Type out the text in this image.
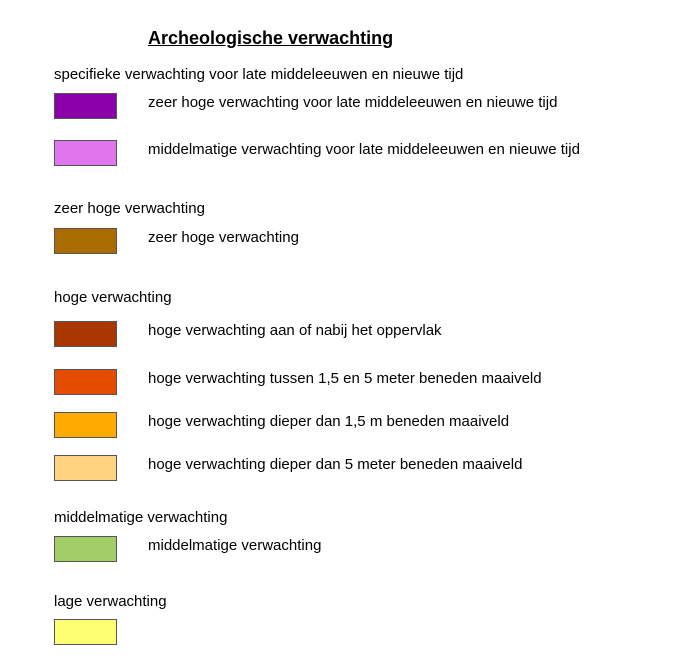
Archeologische verwachting
specifieke verwachting voor late middeleeuwen en nieuwe tijd
zeer hoge verwachting voor late middeleeuwen en nieuwe tijd
middelmatige verwachting voor late middeleeuwen en nieuwe tijd
zeer hoge verwachting
zeer hoge verwachting
hoge verwachting
hoge verwachting aan of nabij het oppervlak
hoge verwachting tussen 1,5 en 5 meter beneden maaiveld
hoge verwachting dieper dan 1,5 m beneden maaiveld
hoge verwachting dieper dan 5 meter beneden maaiveld
middelmatige verwachting
middelmatige verwachting
lage verwachting
